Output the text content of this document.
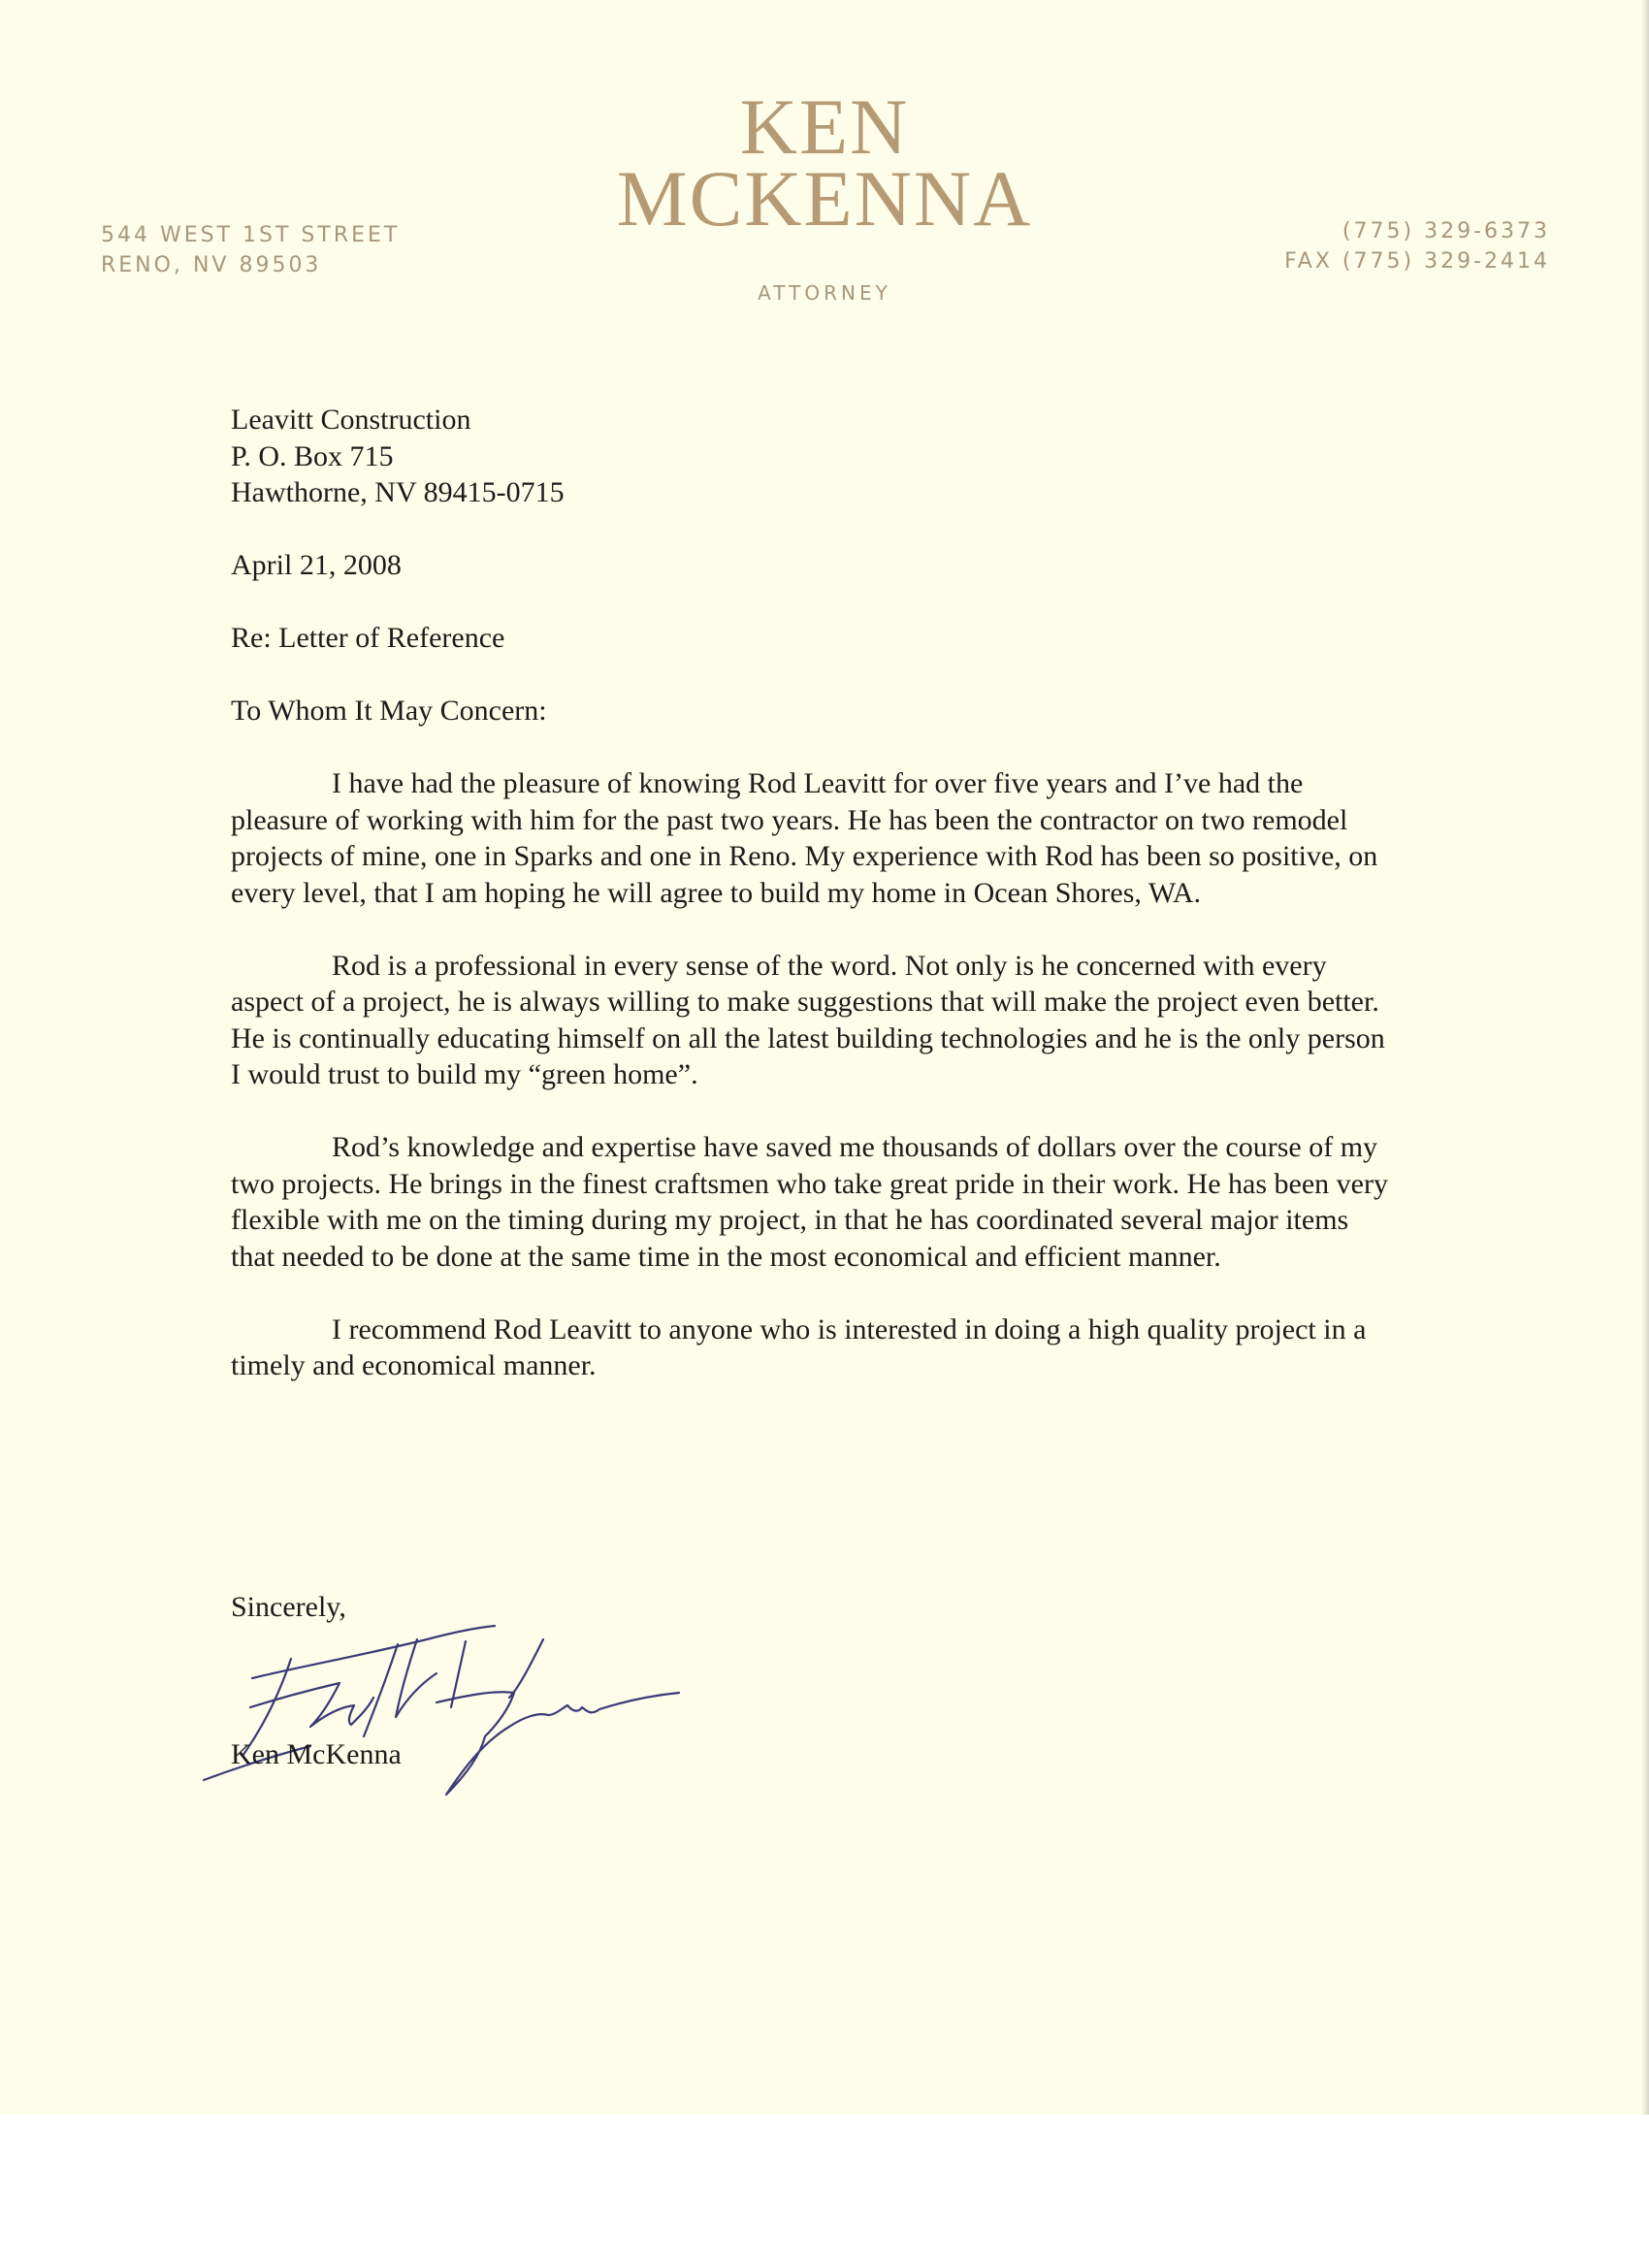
544 WEST 1ST STREET
RENO, NV 89503
KEN
MCKENNA
ATTORNEY
(775) 329-6373
FAX (775) 329-2414

Leavitt Construction

P. O. Box 715

Hawthorne, NV 89415-0715

April 21, 2008

Re: Letter of Reference

To Whom It May Concern:

I have had the pleasure of knowing Rod Leavitt for over five years and I’ve had the pleasure of working with him for the past two years. He has been the contractor on two remodel projects of mine, one in Sparks and one in Reno. My experience with Rod has been so positive, on every level, that I am hoping he will agree to build my home in Ocean Shores, WA.

Rod is a professional in every sense of the word. Not only is he concerned with every aspect of a project, he is always willing to make suggestions that will make the project even better. He is continually educating himself on all the latest building technologies and he is the only person I would trust to build my “green home”.

Rod’s knowledge and expertise have saved me thousands of dollars over the course of my two projects. He brings in the finest craftsmen who take great pride in their work. He has been very flexible with me on the timing during my project, in that he has coordinated several major items that needed to be done at the same time in the most economical and efficient manner.

I recommend Rod Leavitt to anyone who is interested in doing a high quality project in a timely and economical manner.

Sincerely,
Ken McKenna
